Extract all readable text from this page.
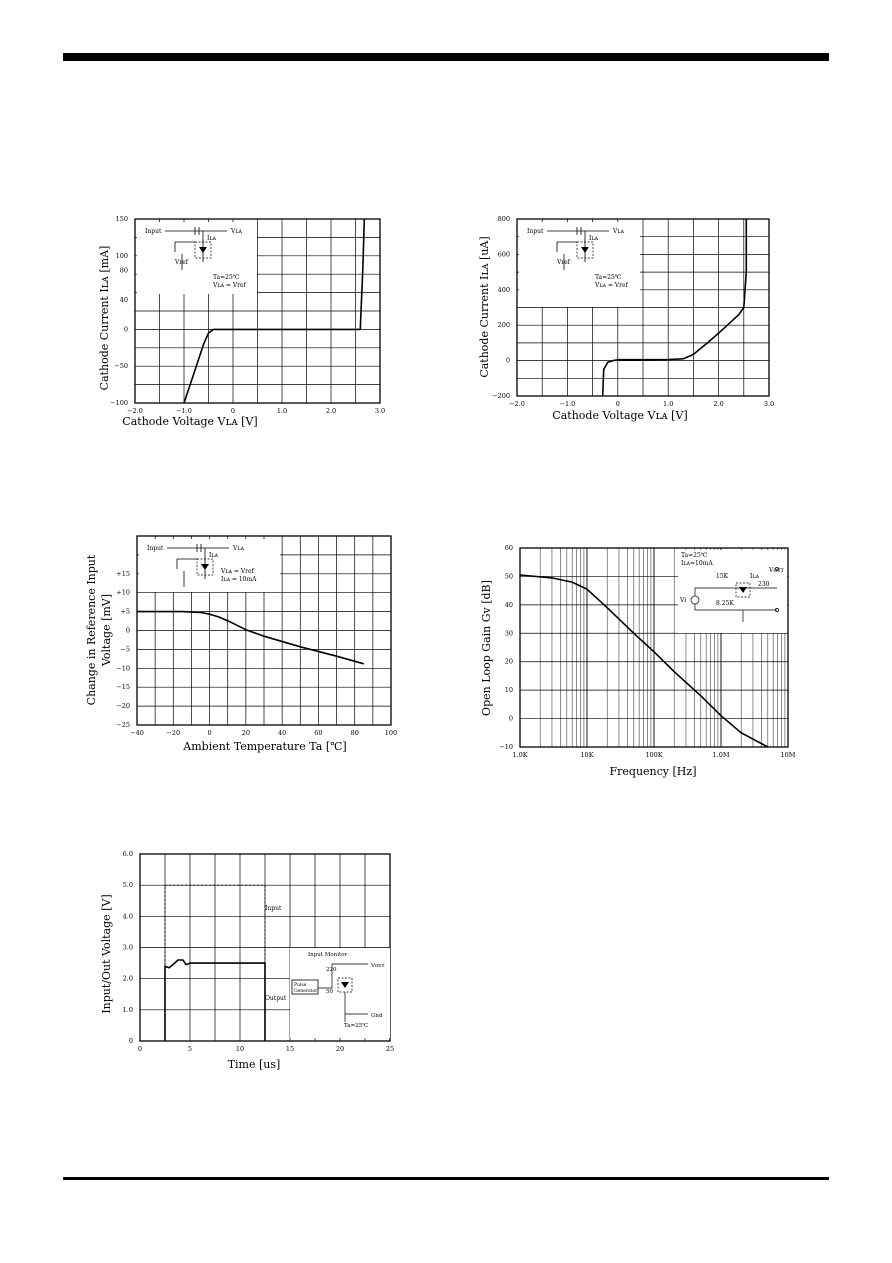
Input	Vʟᴀ
Iʟᴀ
Vref
Ta=25℃
Vʟᴀ = Vref
−2.0	−1.0	0	1.0	2.0	3.0
150
100
80
40
0
−50
−100
Cathode Voltage Vʟᴀ [V]
Cathode Current Iʟᴀ [mA]
Input	Vʟᴀ
Iʟᴀ
Vref
Ta=25℃
Vʟᴀ = Vref
−2.0	−1.0	0	1.0	2.0	3.0
800
600
400
200
0
−200
Cathode Voltage Vʟᴀ [V]
Cathode Current Iʟᴀ [uA]
Input	Vʟᴀ
Iʟᴀ
Vʟᴀ = Vref
Iʟᴀ = 10mA
−40	−20	0	20	40	60	80	100
+15
+10
+5
0
−5
−10
−15
−20
−25
Ambient Temperature Ta [℃]
Change in Reference Input Voltage [mV]
Ta=25℃
Iʟᴀ=10mA
Vᴏᴜᴛ
15K
230
8.25K
Vi
Iʟᴀ
1.0K	10K	100K	1.0M	10M
60
50
40
30
20
10
0
−10
Frequency [Hz]
Open Loop Gain Gv [dB]
Input Monitor
220
Vᴏᴜᴛ
Pulse
Generator 50
Gnd
Ta=25℃
0	5	10	15	20	25
6.0
5.0
4.0
3.0
2.0
1.0
0
Time [us]
Input/Out Voltage [V]	Input
Output
